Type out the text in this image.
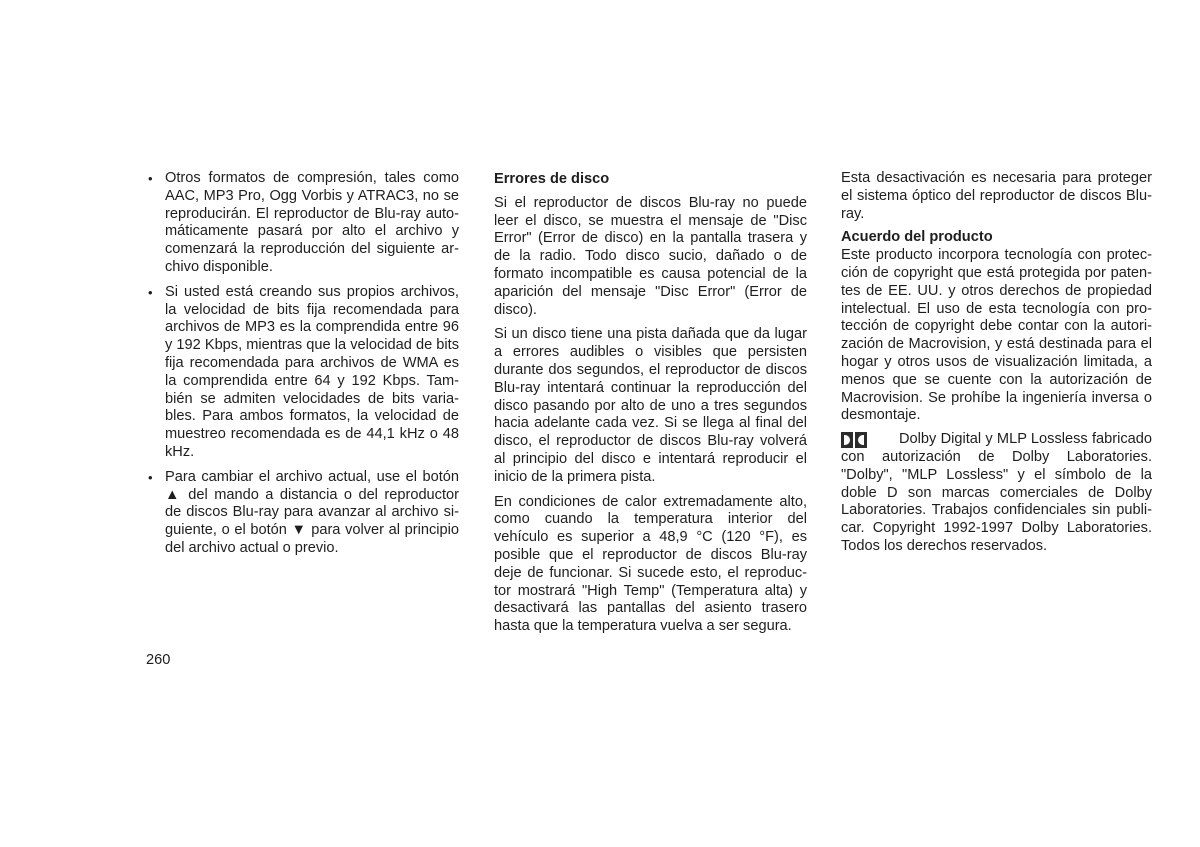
• Otros formatos de compresión, tales como AAC, MP3 Pro, Ogg Vorbis y ATRAC3, no se reproducirán. El reproductor de Blu-ray automáticamente pasará por alto el archivo y comenzará la reproducción del siguiente archivo disponible.
• Si usted está creando sus propios archivos, la velocidad de bits fija recomendada para archivos de MP3 es la comprendida entre 96 y 192 Kbps, mientras que la velocidad de bits fija recomendada para archivos de WMA es la comprendida entre 64 y 192 Kbps. También se admiten velocidades de bits variables. Para ambos formatos, la velocidad de muestreo recomendada es de 44,1 kHz o 48 kHz.
• Para cambiar el archivo actual, use el botón ▲ del mando a distancia o del reproductor de discos Blu-ray para avanzar al archivo siguiente, o el botón ▼ para volver al principio del archivo actual o previo.
Errores de disco

Si el reproductor de discos Blu-ray no puede leer el disco, se muestra el mensaje de "Disc Error" (Error de disco) en la pantalla trasera y de la radio. Todo disco sucio, dañado o de formato incompatible es causa potencial de la aparición del mensaje "Disc Error" (Error de disco).

Si un disco tiene una pista dañada que da lugar a errores audibles o visibles que persisten durante dos segundos, el reproductor de discos Blu-ray intentará continuar la reproducción del disco pasando por alto de uno a tres segundos hacia adelante cada vez. Si se llega al final del disco, el reproductor de discos Blu-ray volverá al principio del disco e intentará reproducir el inicio de la primera pista.

En condiciones de calor extremadamente alto, como cuando la temperatura interior del vehículo es superior a 48,9 °C (120 °F), es posible que el reproductor de discos Blu-ray deje de funcionar. Si sucede esto, el reproductor mostrará "High Temp" (Temperatura alta) y desactivará las pantallas del asiento trasero hasta que la temperatura vuelva a ser segura.

Esta desactivación es necesaria para proteger el sistema óptico del reproductor de discos Blu-ray.

Acuerdo del producto

Este producto incorpora tecnología con protección de copyright que está protegida por patentes de EE. UU. y otros derechos de propiedad intelectual. El uso de esta tecnología con protección de copyright debe contar con la autorización de Macrovision, y está destinada para el hogar y otros usos de visualización limitada, a menos que se cuente con la autorización de Macrovision. Se prohíbe la ingeniería inversa o desmontaje.

Dolby Digital y MLP Lossless fabricado con autorización de Dolby Laboratories. "Dolby", "MLP Lossless" y el símbolo de la doble D son marcas comerciales de Dolby Laboratories. Trabajos confidenciales sin publicar. Copyright 1992-1997 Dolby Laboratories. Todos los derechos reservados.

260
